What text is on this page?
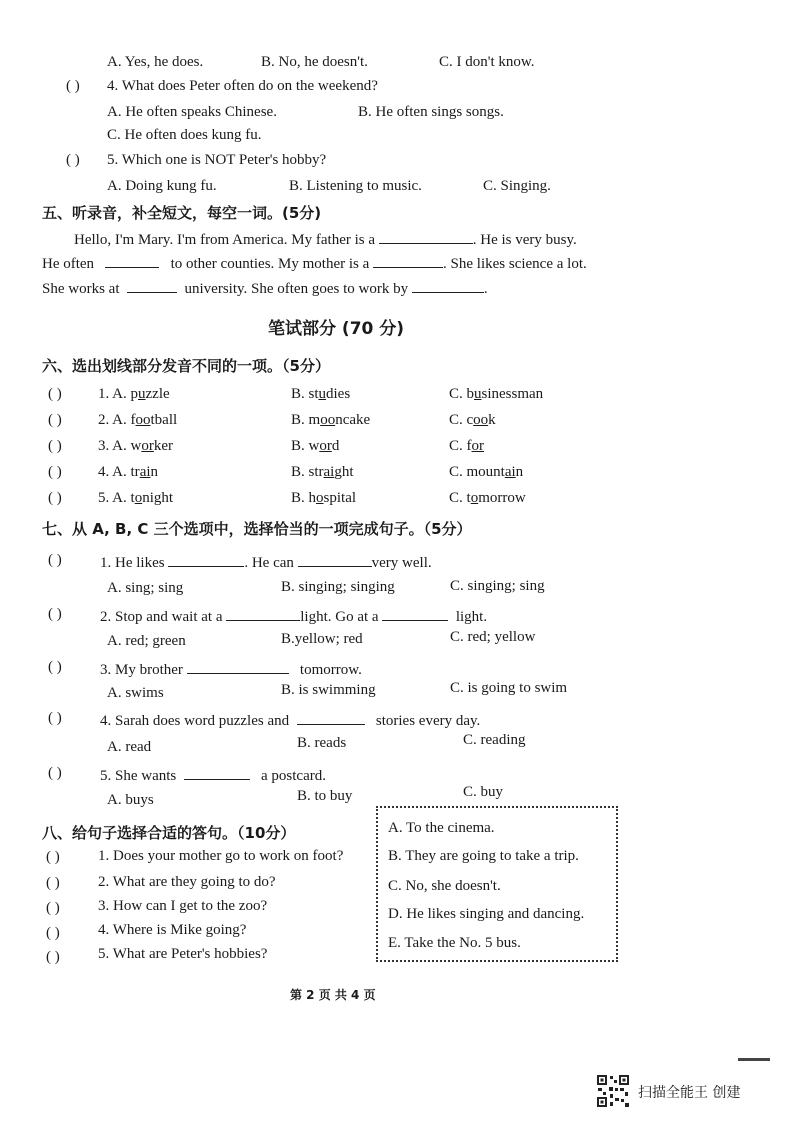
A. Yes, he does.	B. No, he doesn't.	C. I don't know.
( ) 4. What does Peter often do on the weekend?
A. He often speaks Chinese.	B. He often sings songs.
C. He often does kung fu.
( ) 5. Which one is NOT Peter's hobby?
A. Doing kung fu.	B. Listening to music.	C. Singing.
五、听录音，补全短文，每空一词。(5分)
Hello, I'm Mary. I'm from America. My father is a	. He is very busy.
He often	to other counties. My mother is a	. She likes science a lot.
She works at	university. She often goes to work by	.
笔试部分 (70 分)
六、选出划线部分发音不同的一项。（5分）
( ) 1. A. puzzle	B. studies	C. businessman
( ) 2. A. football	B. mooncake	C. cook
( ) 3. A. worker	B. word	C. for
( ) 4. A. train	B. straight	C. mountain
( ) 5. A. tonight	B. hospital	C. tomorrow
七、从 A, B, C 三个选项中，选择恰当的一项完成句子。（5分）
( )	1. He likes	. He can	very well.
A. sing; sing	B. singing; singing	C. singing; sing
( )	2. Stop and wait at a	light. Go at a	light.
A. red; green	B.yellow; red	C. red; yellow
( )	3. My brother	tomorrow.
A. swims	B. is swimming	C. is going to swim
( )	4. Sarah does word puzzles and	stories every day.
A. read	B. reads	C. reading
( )	5. She wants	a postcard.
A. buys	B. to buy	C. buy
八、给句子选择合适的答句。（10分）
( )	1. Does your mother go to work on foot?
( )	2. What are they going to do?
( )	3. How can I get to the zoo?
( )	4. Where is Mike going?
( )	5. What are Peter's hobbies?
A. To the cinema.
B. They are going to take a trip.
C. No, she doesn't.
D. He likes singing and dancing.
E. Take the No. 5 bus.
第 2 页 共 4 页
扫描全能王 创建
